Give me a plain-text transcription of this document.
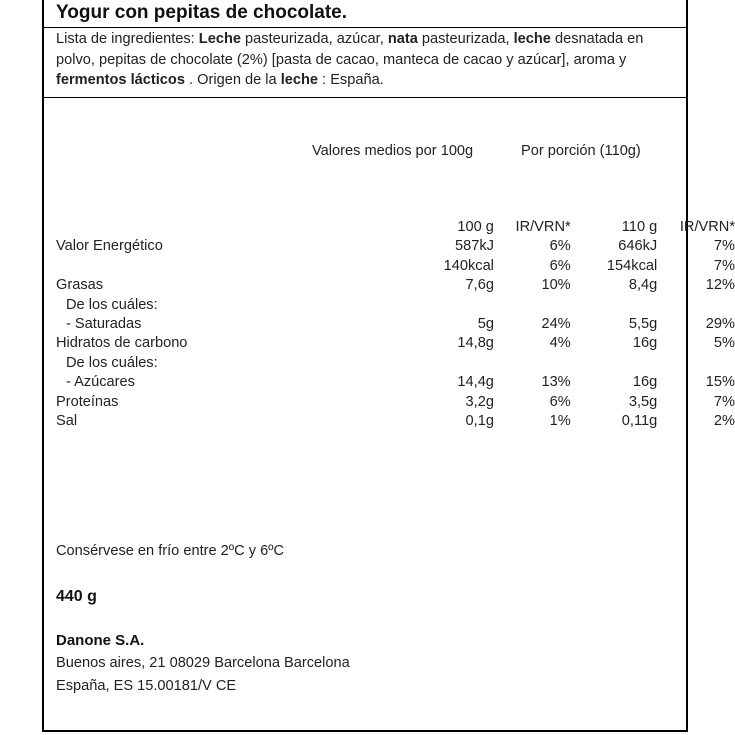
Yogur con pepitas de chocolate.

Lista de ingredientes: Leche pasteurizada, azúcar, nata pasteurizada, leche desnatada en polvo, pepitas de chocolate (2%) [pasta de cacao, manteca de cacao y azúcar], aroma y fermentos lácticos . Origen de la leche : España.

Valores medios por 100g	Por porción (110g)
	100 g	IR/VRN*	110 g	IR/VRN*
Valor Energético	587kJ	6%	646kJ	7%
	140kcal	6%	154kcal	7%
Grasas	7,6g	10%	8,4g	12%
De los cuáles:				
- Saturadas	5g	24%	5,5g	29%
Hidratos de carbono	14,8g	4%	16g	5%
De los cuáles:				
- Azúcares	14,4g	13%	16g	15%
Proteínas	3,2g	6%	3,5g	7%
Sal	0,1g	1%	0,11g	2%

Consérvese en frío entre 2ºC y 6ºC

440 g

Danone S.A.

Buenos aires, 21 08029 Barcelona Barcelona

España, ES 15.00181/V CE
